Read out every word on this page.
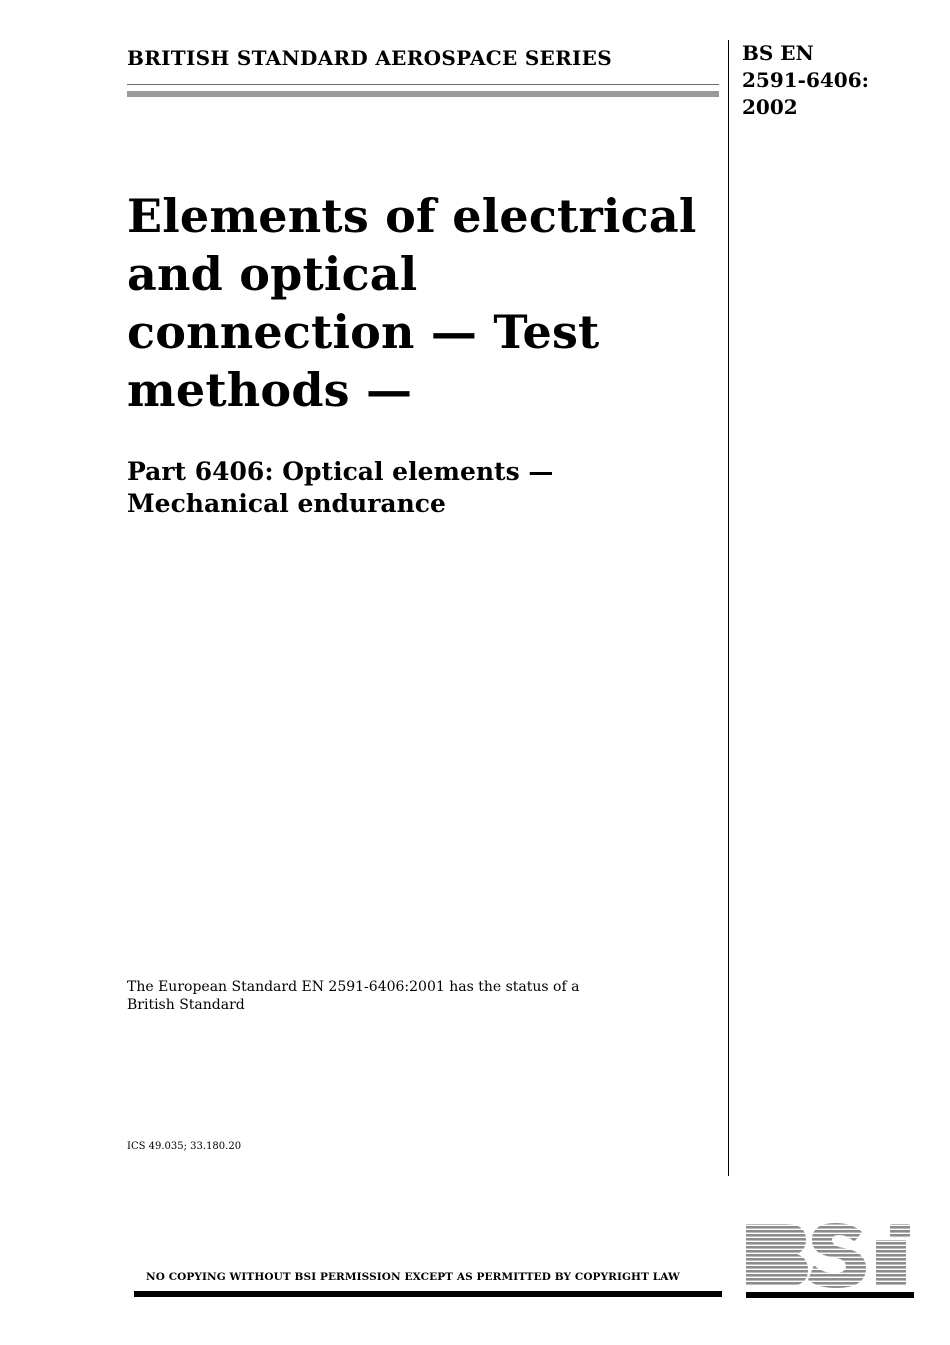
BRITISH STANDARD AEROSPACE SERIES	BS EN
2591-6406:
2002
Elements of electrical
and optical
connection — Test
methods —
Part 6406: Optical elements —
Mechanical endurance
The European Standard EN 2591-6406:2001 has the status of a
British Standard
ICS 49.035; 33.180.20
NO COPYING WITHOUT BSI PERMISSION EXCEPT AS PERMITTED BY COPYRIGHT LAW
